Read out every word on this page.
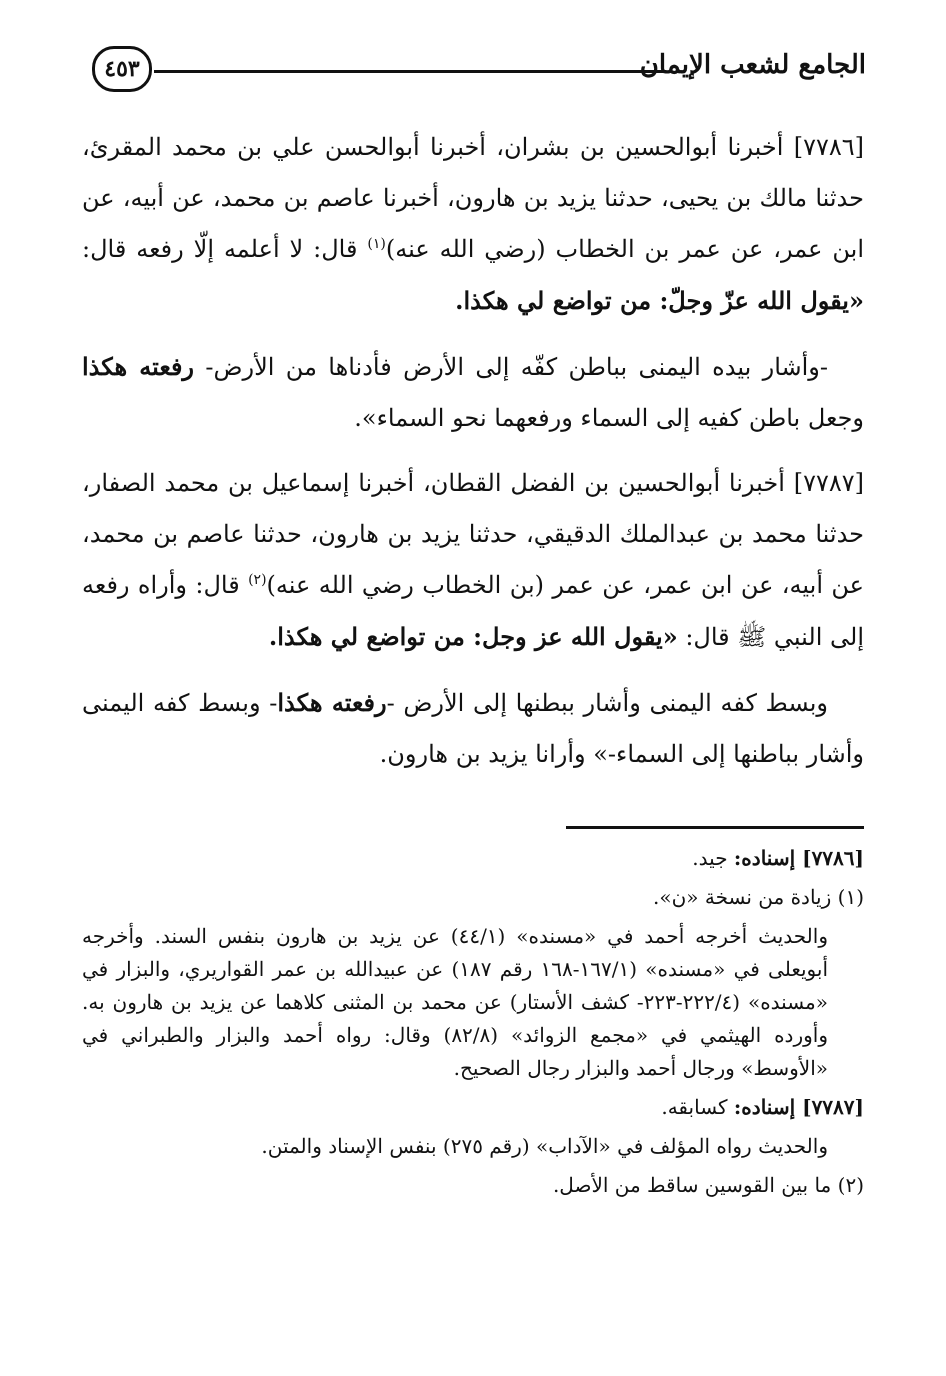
الجامع لشعب الإيمان
٤٥٣

[٧٧٨٦] أخبرنا أبوالحسين بن بشران، أخبرنا أبوالحسن علي بن محمد المقرئ، حدثنا مالك بن يحيى، حدثنا يزيد بن هارون، أخبرنا عاصم بن محمد، عن أبيه، عن ابن عمر، عن عمر بن الخطاب (رضي الله عنه)$^{(١)}$ قال: لا أعلمه إلّا رفعه قال: «يقول الله عزّ وجلّ: من تواضع لي هكذا.

-وأشار بيده اليمنى بباطن كفّه إلى الأرض فأدناها من الأرض- رفعته هكذا وجعل باطن كفيه إلى السماء ورفعهما نحو السماء».

[٧٧٨٧] أخبرنا أبوالحسين بن الفضل القطان، أخبرنا إسماعيل بن محمد الصفار، حدثنا محمد بن عبدالملك الدقيقي، حدثنا يزيد بن هارون، حدثنا عاصم بن محمد، عن أبيه، عن ابن عمر، عن عمر (بن الخطاب رضي الله عنه)$^{(٢)}$ قال: وأراه رفعه إلى النبي ﷺ قال: «يقول الله عز وجل: من تواضع لي هكذا.

وبسط كفه اليمنى وأشار ببطنها إلى الأرض -رفعته هكذا- وبسط كفه اليمنى وأشار بباطنها إلى السماء-» وأرانا يزيد بن هارون.

[٧٧٨٦] إسناده: جيد.

(١) زيادة من نسخة «ن».

والحديث أخرجه أحمد في «مسنده» (٤٤/١) عن يزيد بن هارون بنفس السند. وأخرجه أبويعلى في «مسنده» (١٦٧/١-١٦٨ رقم ١٨٧) عن عبيدالله بن عمر القواريري، والبزار في «مسنده» (٢٢٢/٤-٢٢٣- كشف الأستار) عن محمد بن المثنى كلاهما عن يزيد بن هارون به. وأورده الهيثمي في «مجمع الزوائد» (٨٢/٨) وقال: رواه أحمد والبزار والطبراني في «الأوسط» ورجال أحمد والبزار رجال الصحيح.

[٧٧٨٧] إسناده: كسابقه.

والحديث رواه المؤلف في «الآداب» (رقم ٢٧٥) بنفس الإسناد والمتن.

(٢) ما بين القوسين ساقط من الأصل.
